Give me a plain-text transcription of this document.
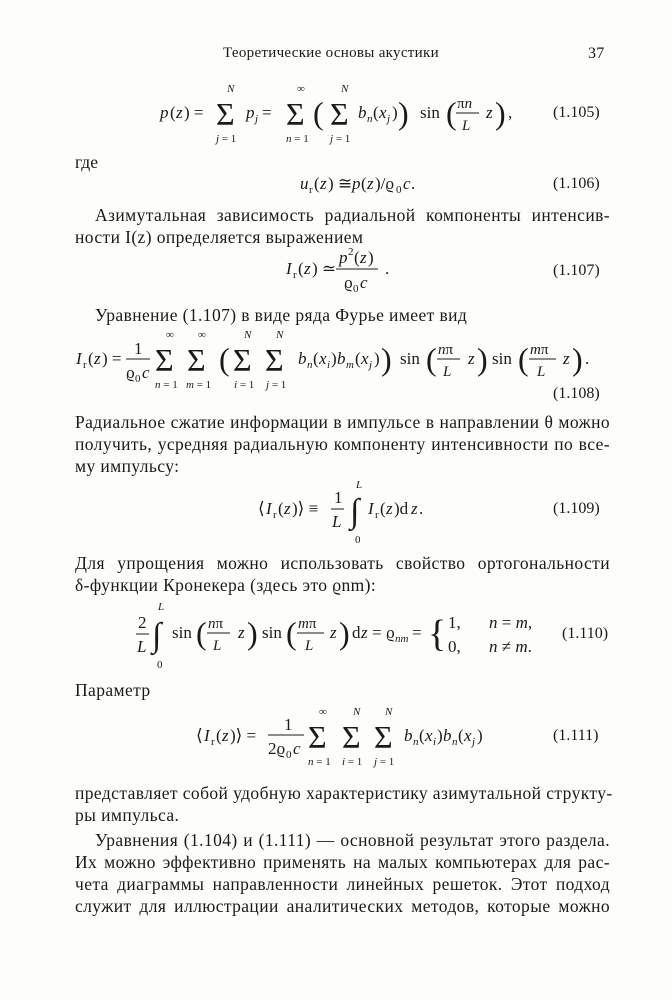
Теоретические основы акустики	37
(1.105)
(1.106)
(1.107)
(1.108)
(1.109)
(1.110)
(1.111)
где
Азимутальная зависимость радиальной компоненты интенсив-
ности I(z) определяется выражением
Уравнение (1.107) в виде ряда Фурье имеет вид
Радиальное сжатие информации в импульсе в направлении θ можно
получить, усредняя радиальную компоненту интенсивности по все-
му импульсу:
Для упрощения можно использовать свойство ортогональности
δ-функции Кронекера (здесь это ϱnm):
Параметр
представляет собой удобную характеристику азимутальной структу-
ры импульса.
Уравнения (1.104) и (1.111) — основной результат этого раздела.
Их можно эффективно применять на малых компьютерах для рас-
чета диаграммы направленности линейных решеток. Этот подход
служит для иллюстрации аналитических методов, которые можно
p ( z ) = Σ
N
j = 1
p j = Σ
∞
n = 1
( Σ
N
j = 1
b n ( x j ) ) sin ( πn
L
z ) ,
u r ( z ) ≅ p ( z )/ϱ 0 c .
I r ( z ) ≃
p 2 ( z )
ϱ 0 c
.
I r ( z ) =
1
ϱ 0 c Σ
∞
n = 1
Σ
∞
m = 1
( Σ
N
i = 1
Σ
N
j = 1
b n ( x i ) b m ( x j ) ) sin ( nπ
L
z ) sin ( mπ
L
z ) .
⟨ I r ( z )⟩ ≡
1
L ∫
L
0
I r ( z )d z .
2
L ∫
L
0
sin ( nπ
L
z ) sin ( mπ
L
z ) d z = ϱ nm = { 1, n = m,
0, n ≠ m.
⟨ I r ( z )⟩ =
1
2ϱ 0 c Σ
∞
n = 1
Σ
N
i = 1
Σ
N
j = 1
b n ( x i ) b n ( x j )
